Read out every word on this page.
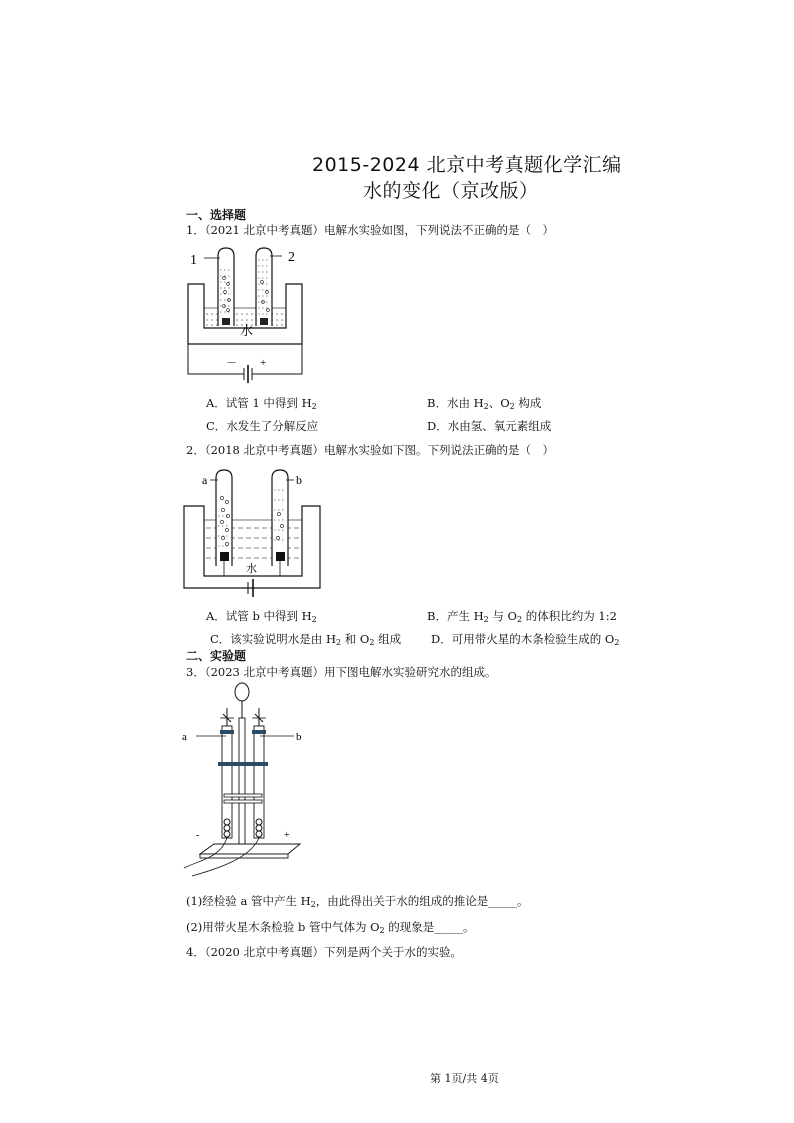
2015-2024 北京中考真题化学汇编
水的变化（京改版）
一、选择题
1．（2021 北京中考真题）电解水实验如图，下列说法不正确的是（　）
1	2
水
－ +
A．试管 1 中得到 $H_2$	B．水由 $H_2$、$O_2$ 构成
C．水发生了分解反应	D．水由氢、氧元素组成
2．（2018 北京中考真题）电解水实验如下图。下列说法正确的是（　）
a	b
水
A．试管 b 中得到 $H_2$	B．产生 $H_2$ 与 $O_2$ 的体积比约为 1:2
C．该实验说明水是由 $H_2$ 和 $O_2$ 组成	D．可用带火星的木条检验生成的 $O_2$
二、实验题
3．（2023 北京中考真题）用下图电解水实验研究水的组成。
a	b
-	+
(1)经检验 a 管中产生 $H_2$，由此得出关于水的组成的推论是_____。
(2)用带火星木条检验 b 管中气体为 $O_2$ 的现象是_____。
4．（2020 北京中考真题）下列是两个关于水的实验。
第 1页/共 4页
